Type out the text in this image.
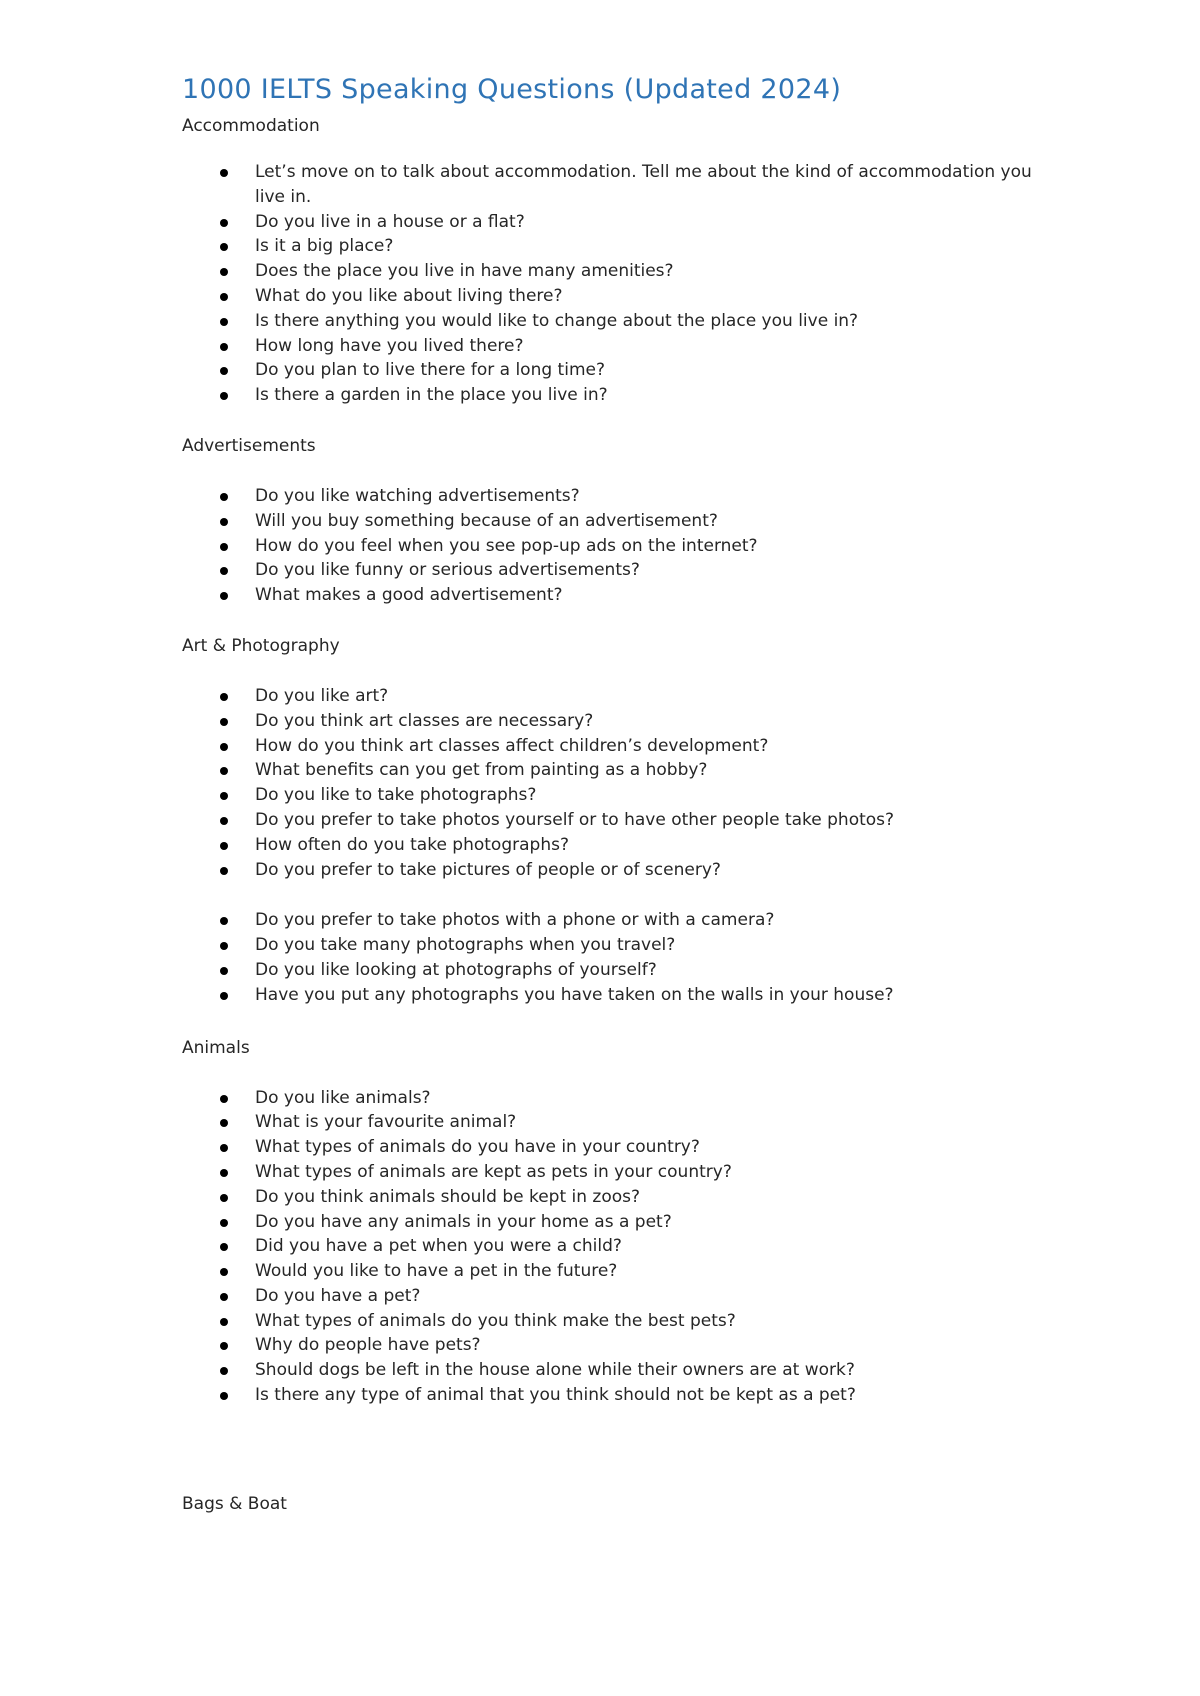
1000 IELTS Speaking Questions (Updated 2024)

Accommodation

Let’s move on to talk about accommodation. Tell me about the kind of accommodation you live in.
Do you live in a house or a flat?
Is it a big place?
Does the place you live in have many amenities?
What do you like about living there?
Is there anything you would like to change about the place you live in?
How long have you lived there?
Do you plan to live there for a long time?
Is there a garden in the place you live in?

Advertisements

Do you like watching advertisements?
Will you buy something because of an advertisement?
How do you feel when you see pop-up ads on the internet?
Do you like funny or serious advertisements?
What makes a good advertisement?

Art & Photography

Do you like art?
Do you think art classes are necessary?
How do you think art classes affect children’s development?
What benefits can you get from painting as a hobby?
Do you like to take photographs?
Do you prefer to take photos yourself or to have other people take photos?
How often do you take photographs?
Do you prefer to take pictures of people or of scenery?
Do you prefer to take photos with a phone or with a camera?
Do you take many photographs when you travel?
Do you like looking at photographs of yourself?
Have you put any photographs you have taken on the walls in your house?

Animals

Do you like animals?
What is your favourite animal?
What types of animals do you have in your country?
What types of animals are kept as pets in your country?
Do you think animals should be kept in zoos?
Do you have any animals in your home as a pet?
Did you have a pet when you were a child?
Would you like to have a pet in the future?
Do you have a pet?
What types of animals do you think make the best pets?
Why do people have pets?
Should dogs be left in the house alone while their owners are at work?
Is there any type of animal that you think should not be kept as a pet?

Bags & Boat
